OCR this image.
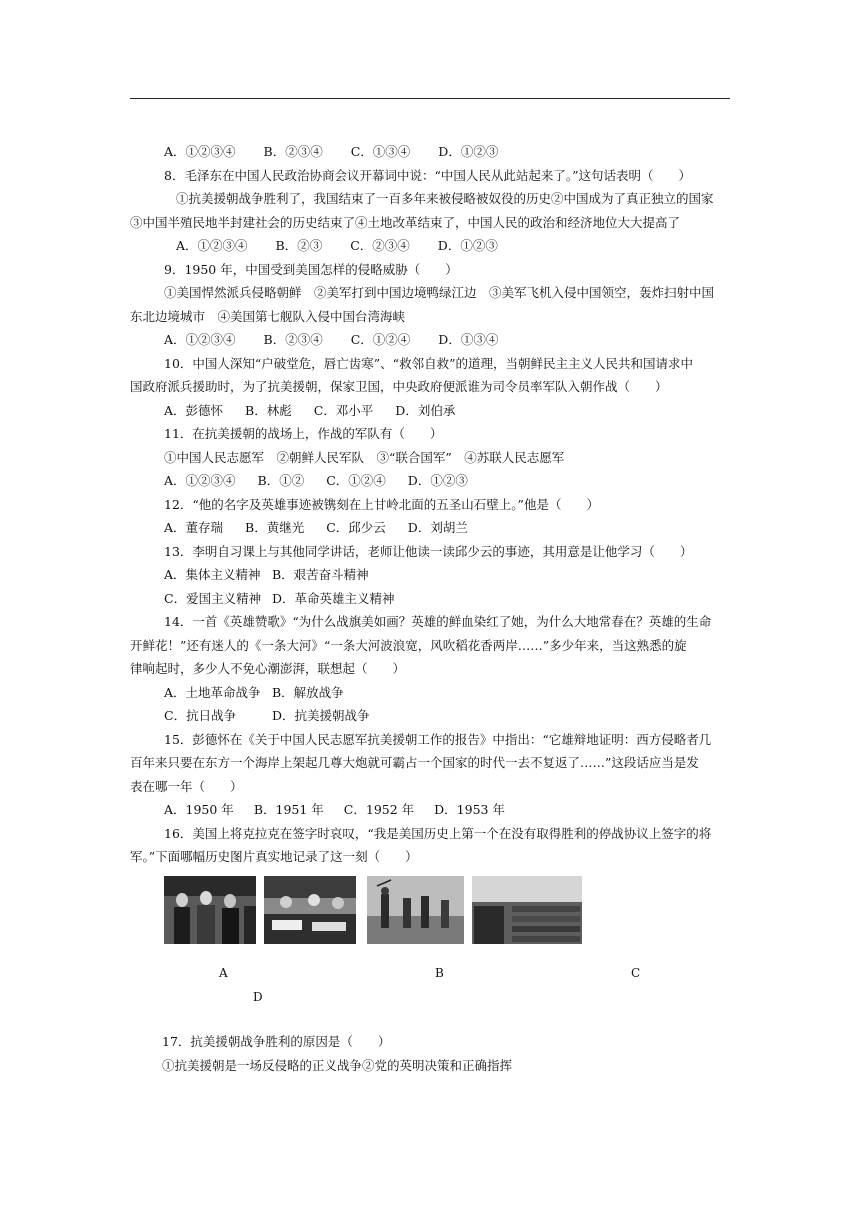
A．①②③④ B．②③④ C．①③④ D．①②③
8．毛泽东在中国人民政治协商会议开幕词中说：“中国人民从此站起来了。”这句话表明（　　）
①抗美援朝战争胜利了，我国结束了一百多年来被侵略被奴役的历史②中国成为了真正独立的国家
③中国半殖民地半封建社会的历史结束了④土地改革结束了，中国人民的政治和经济地位大大提高了
A．①②③④ B．②③ C．②③④ D．①②③
9．1950 年，中国受到美国怎样的侵略威胁（　　）
①美国悍然派兵侵略朝鲜　②美军打到中国边境鸭绿江边　③美军飞机入侵中国领空，轰炸扫射中国
东北边境城市　④美国第七舰队入侵中国台湾海峡
A．①②③④ B．②③④ C．①②④ D．①③④
10．中国人深知“户破堂危，唇亡齿寒”、“救邻自救”的道理，当朝鲜民主主义人民共和国请求中
国政府派兵援助时，为了抗美援朝，保家卫国，中央政府便派谁为司令员率军队入朝作战（　　）
A．彭德怀 B．林彪 C．邓小平 D．刘伯承
11．在抗美援朝的战场上，作战的军队有（　　）
①中国人民志愿军　②朝鲜人民军队　③“联合国军”　④苏联人民志愿军
A．①②③④ B．①② C．①②④ D．①②③
12．“他的名字及英雄事迹被镌刻在上甘岭北面的五圣山石壁上。”他是（　　）
A．董存瑞 B．黄继光 C．邱少云 D．刘胡兰
13．李明自习课上与其他同学讲话，老师让他读一读邱少云的事迹，其用意是让他学习（　　）
A．集体主义精神 B．艰苦奋斗精神
C．爱国主义精神 D．革命英雄主义精神
14．一首《英雄赞歌》“为什么战旗美如画？英雄的鲜血染红了她，为什么大地常春在？英雄的生命
开鲜花！”还有迷人的《一条大河》“一条大河波浪宽，风吹稻花香两岸……”多少年来，当这熟悉的旋
律响起时，多少人不免心潮澎湃，联想起（　　）
A．土地革命战争 B．解放战争
C．抗日战争	D．抗美援朝战争
15．彭德怀在《关于中国人民志愿军抗美援朝工作的报告》中指出：“它雄辩地证明：西方侵略者几
百年来只要在东方一个海岸上架起几尊大炮就可霸占一个国家的时代一去不复返了……”这段话应当是发
表在哪一年（　　）
A．1950 年 B．1951 年 C．1952 年 D．1953 年
16．美国上将克拉克在签字时哀叹，“我是美国历史上第一个在没有取得胜利的停战协议上签字的将
军。”下面哪幅历史图片真实地记录了这一刻（　　）
A	B	C
D
17．抗美援朝战争胜利的原因是（　　）
①抗美援朝是一场反侵略的正义战争②党的英明决策和正确指挥
